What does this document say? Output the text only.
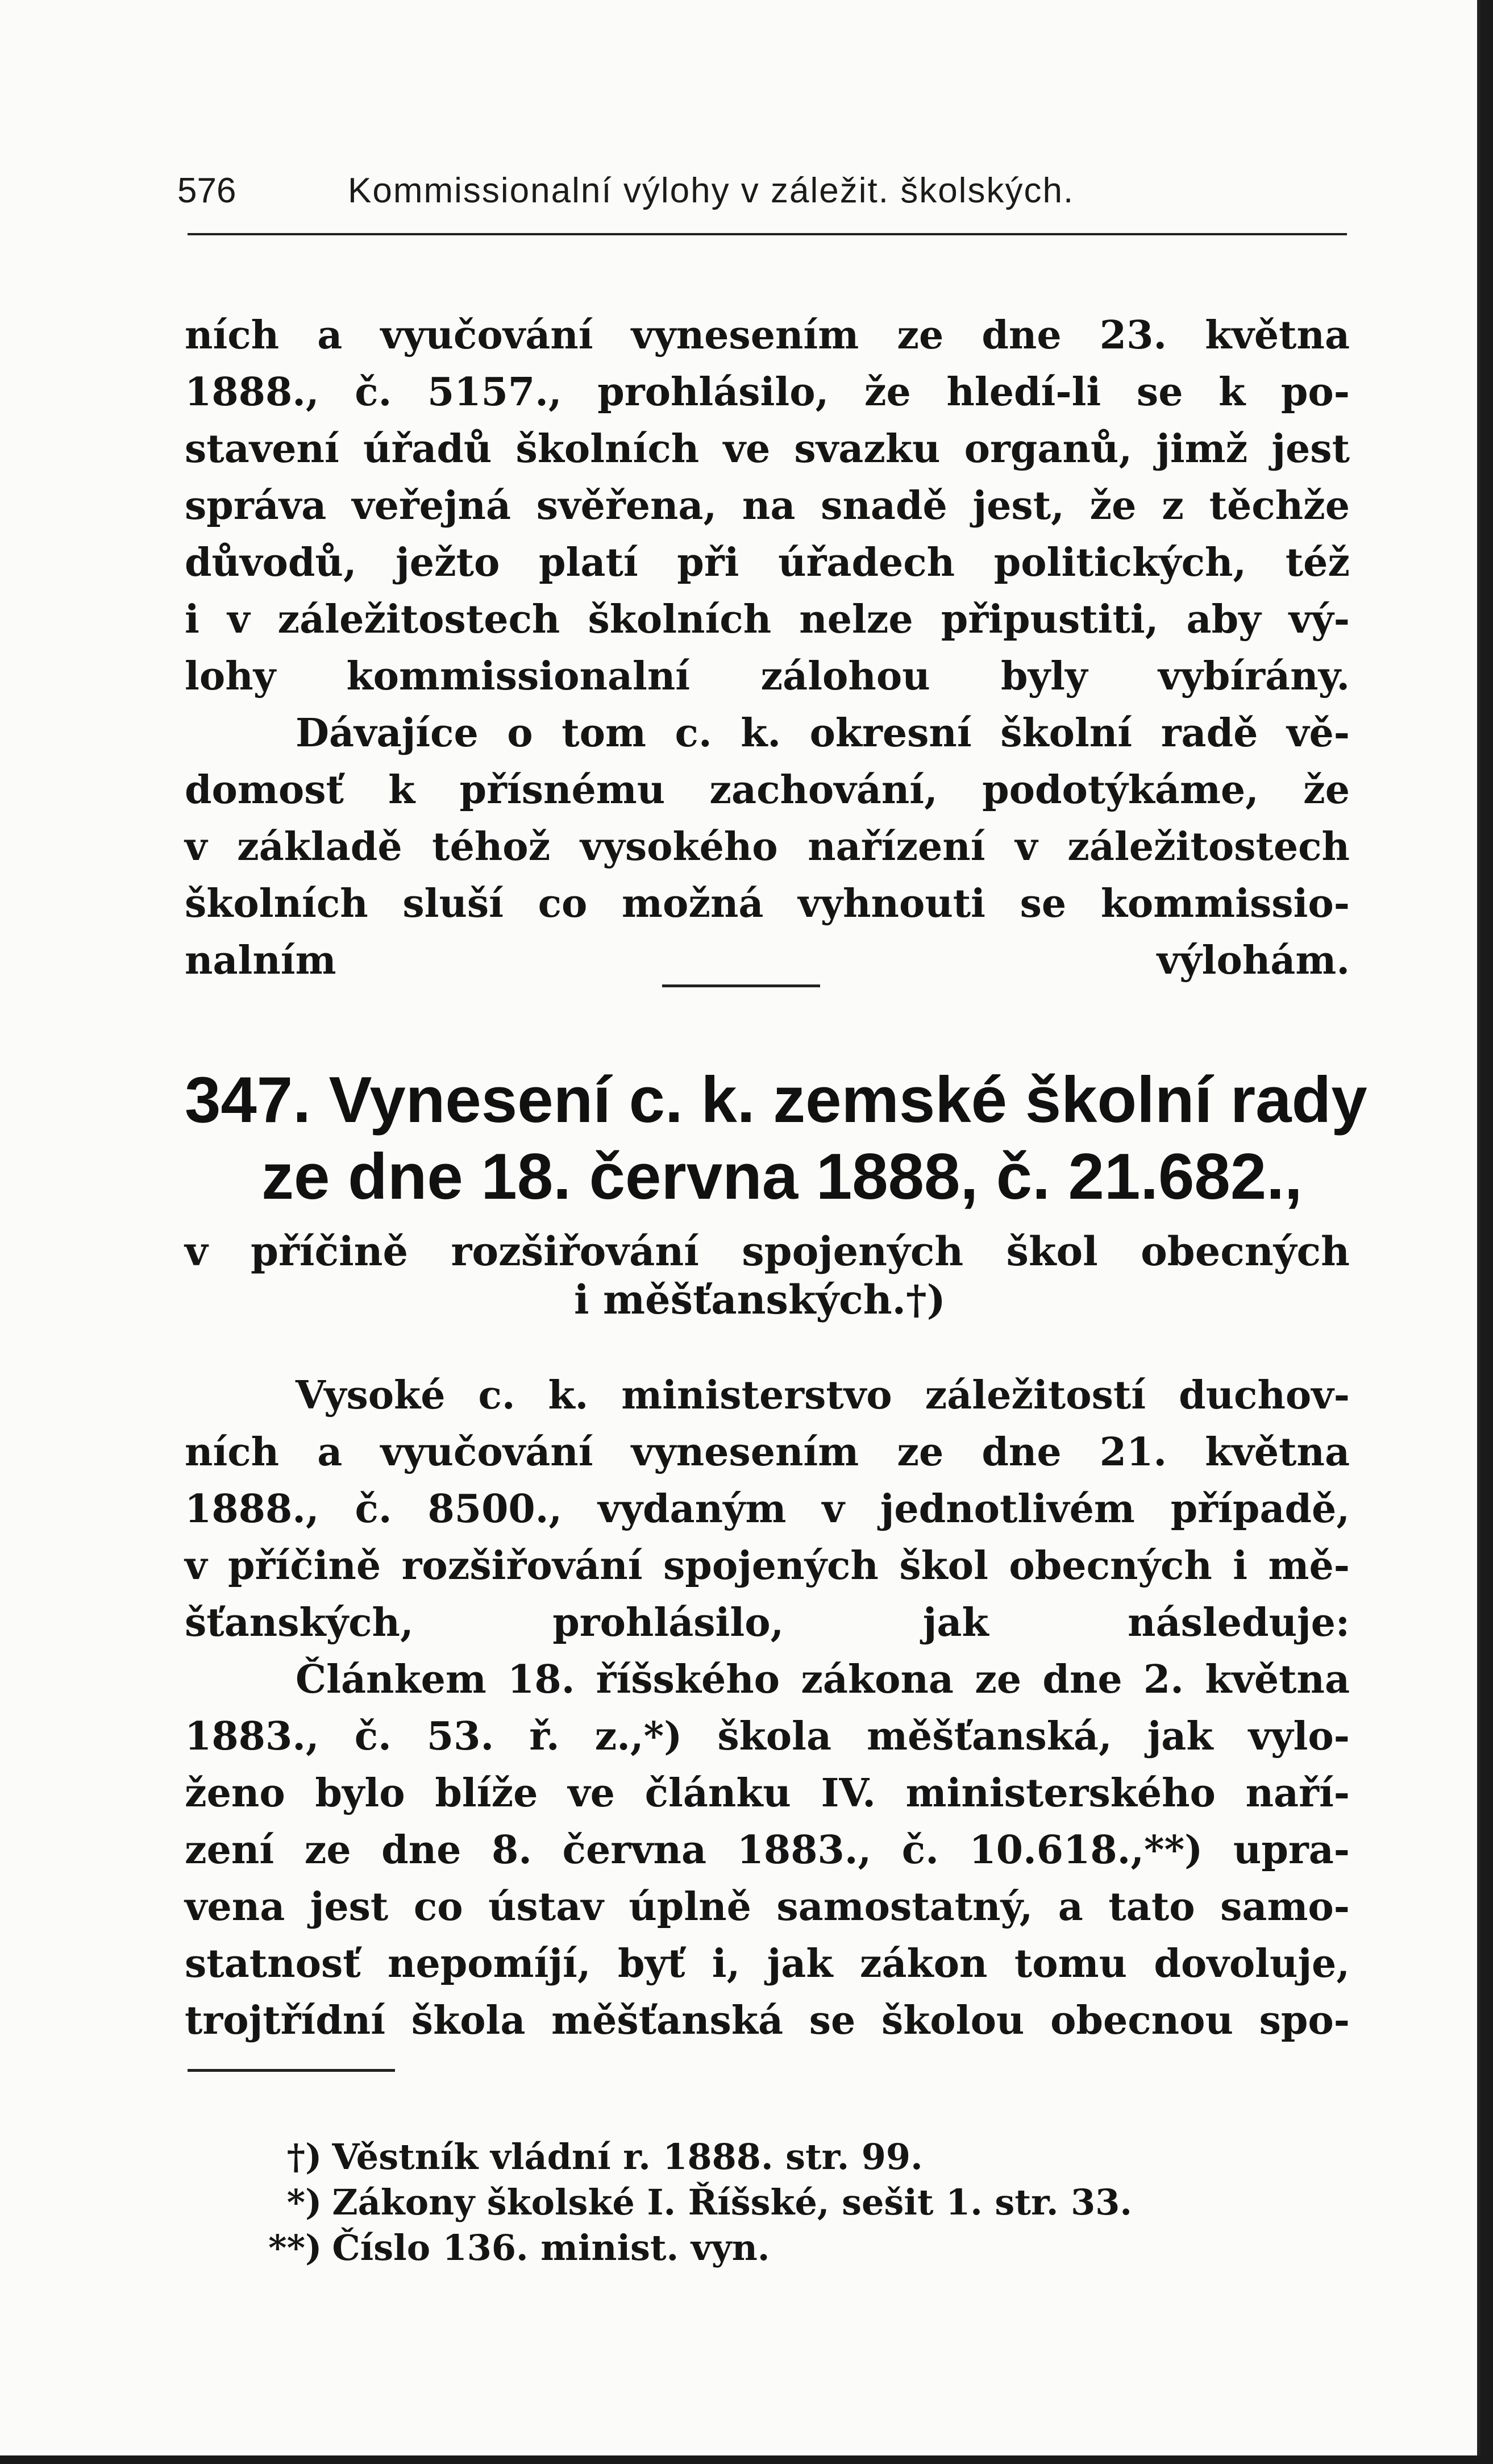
576	Kommissionalní výlohy v záležit. školských.
ních a vyučování vynesením ze dne 23. května
1888., č. 5157., prohlásilo, že hledí-li se k po-
stavení úřadů školních ve svazku organů, jimž jest
správa veřejná svěřena, na snadě jest, že z těchže
důvodů, ježto platí při úřadech politických, též
i v záležitostech školních nelze připustiti, aby vý-
lohy kommissionalní zálohou byly vybírány.
Dávajíce o tom c. k. okresní školní radě vě-
domosť k přísnému zachování, podotýkáme, že
v základě téhož vysokého nařízení v záležitostech
školních sluší co možná vyhnouti se kommissio-
nalním výlohám.
347. Vynesení c. k. zemské školní rady
ze dne 18. června 1888, č. 21.682.,
v příčině rozšiřování spojených škol obecných
i měšťanských.†)
Vysoké c. k. ministerstvo záležitostí duchov-
ních a vyučování vynesením ze dne 21. května
1888., č. 8500., vydaným v jednotlivém případě,
v příčině rozšiřování spojených škol obecných i mě-
šťanských, prohlásilo, jak následuje:
Článkem 18. říšského zákona ze dne 2. května
1883., č. 53. ř. z.,*) škola měšťanská, jak vylo-
ženo bylo blíže ve článku IV. ministerského naří-
zení ze dne 8. června 1883., č. 10.618.,**) upra-
vena jest co ústav úplně samostatný, a tato samo-
statnosť nepomíjí, byť i, jak zákon tomu dovoluje,
trojtřídní škola měšťanská se školou obecnou spo-

†) Věstník vládní r. 1888. str. 99.

*) Zákony školské I. Říšské, sešit 1. str. 33.

**) Číslo 136. minist. vyn.
